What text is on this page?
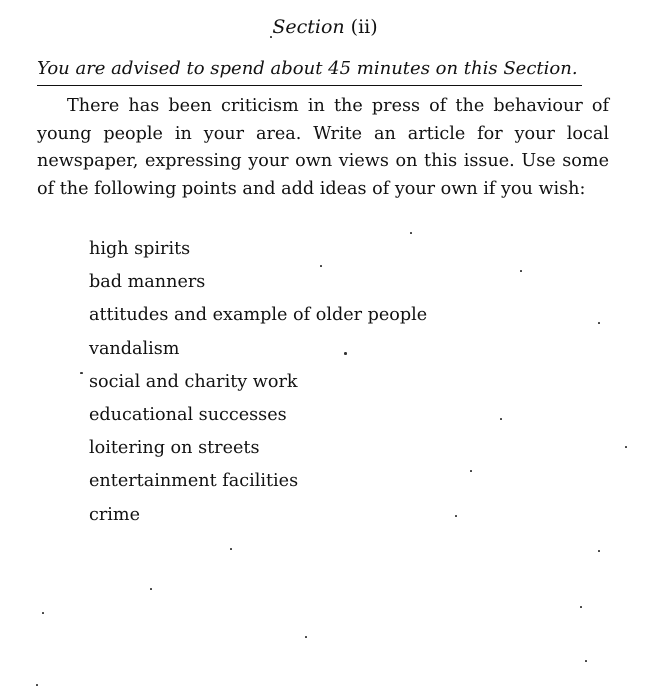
Section (ii)
You are advised to spend about 45 minutes on this Section.

There has been criticism in the press of the behaviour of young people in your area. Write an article for your local newspaper, expressing your own views on this issue. Use some of the following points and add ideas of your own if you wish:

high spirits
bad manners
attitudes and example of older people
vandalism
social and charity work
educational successes
loitering on streets
entertainment facilities
crime
